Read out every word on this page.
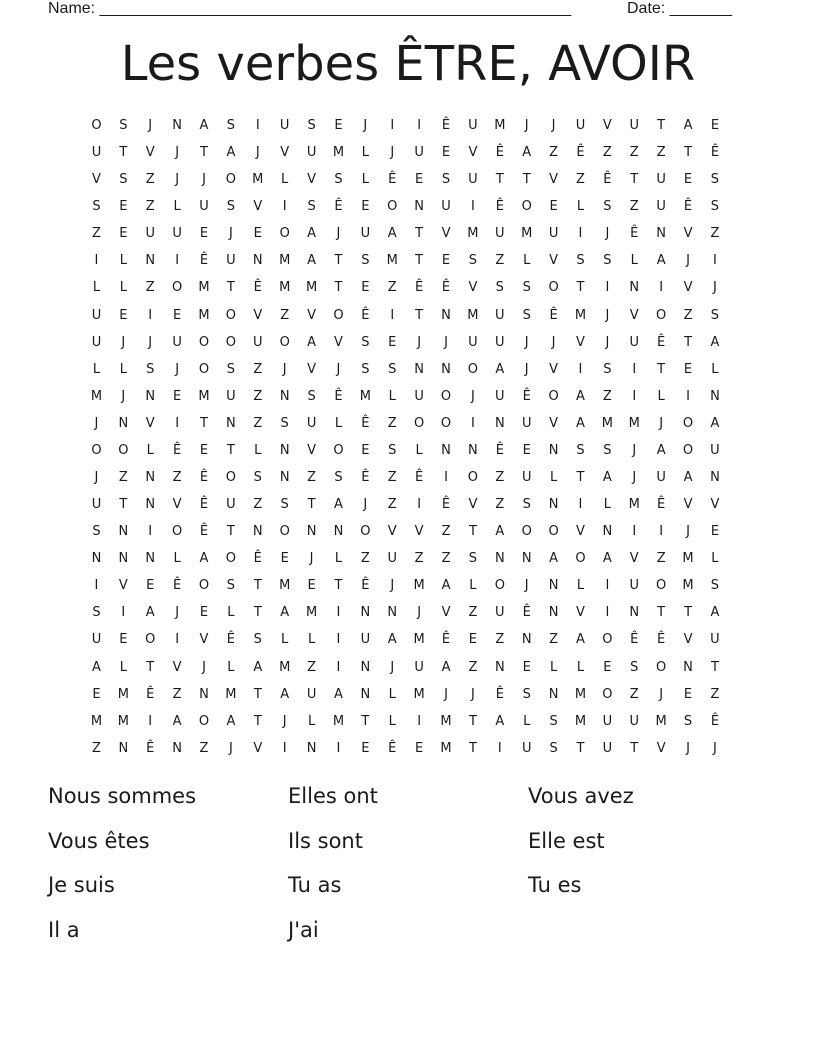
Name: _____________________________________________________	Date: _______
Les verbes ÊTRE, AVOIR
O	S	J	N	A	S	I	U	S	E	J	I	I	Ê	U	M	J	J	U	V	U	T	A	E
U	T	V	J	T	A	J	V	U	M	L	J	U	E	V	Ê	A	Z	Ê	Z	Z	Z	T	Ê
V	S	Z	J	J	O	M	L	V	S	L	Ê	E	S	U	T	T	V	Z	Ê	T	U	E	S
S	E	Z	L	U	S	V	I	S	Ê	E	O	N	U	I	Ê	O	E	L	S	Z	U	Ê	S
Z	E	U	U	E	J	E	O	A	J	U	A	T	V	M	U	M	U	I	J	Ê	N	V	Z
I	L	N	I	Ê	U	N	M	A	T	S	M	T	E	S	Z	L	V	S	S	L	A	J	I
L	L	Z	O	M	T	Ê	M	M	T	E	Z	Ê	Ê	V	S	S	O	T	I	N	I	V	J
U	E	I	E	M	O	V	Z	V	O	Ê	I	T	N	M	U	S	Ê	M	J	V	O	Z	S
U	J	J	U	O	O	U	O	A	V	S	E	J	J	U	U	J	J	V	J	U	Ê	T	A
L	L	S	J	O	S	Z	J	V	J	S	S	N	N	O	A	J	V	I	S	I	T	E	L
M	J	N	E	M	U	Z	N	S	Ê	M	L	U	O	J	U	Ê	O	A	Z	I	L	I	N
J	N	V	I	T	N	Z	S	U	L	Ê	Z	O	O	I	N	U	V	A	M	M	J	O	A
O	O	L	Ê	E	T	L	N	V	O	E	S	L	N	N	Ê	E	N	S	S	J	A	O	U
J	Z	N	Z	Ê	O	S	N	Z	S	Ê	Z	Ê	I	O	Z	U	L	T	A	J	U	A	N
U	T	N	V	Ê	U	Z	S	T	A	J	Z	I	Ê	V	Z	S	N	I	L	M	Ê	V	V
S	N	I	O	Ê	T	N	O	N	N	O	V	V	Z	T	A	O	O	V	N	I	I	J	E
N	N	N	L	A	O	Ê	E	J	L	Z	U	Z	Z	S	N	N	A	O	A	V	Z	M	L
I	V	E	Ê	O	S	T	M	E	T	Ê	J	M	A	L	O	J	N	L	I	U	O	M	S
S	I	A	J	E	L	T	A	M	I	N	N	J	V	Z	U	Ê	N	V	I	N	T	T	A
U	E	O	I	V	Ê	S	L	L	I	U	A	M	Ê	E	Z	N	Z	A	O	Ê	Ê	V	U
A	L	T	V	J	L	A	M	Z	I	N	J	U	A	Z	N	E	L	L	E	S	O	N	T
E	M	Ê	Z	N	M	T	A	U	A	N	L	M	J	J	Ê	S	N	M	O	Z	J	E	Z
M	M	I	A	O	A	T	J	L	M	T	L	I	M	T	A	L	S	M	U	U	M	S	Ê
Z	N	Ê	N	Z	J	V	I	N	I	E	Ê	E	M	T	I	U	S	T	U	T	V	J	J
Nous sommes	Elles ont	Vous avez
Vous êtes	Ils sont	Elle est
Je suis	Tu as	Tu es
Il a	J'ai
